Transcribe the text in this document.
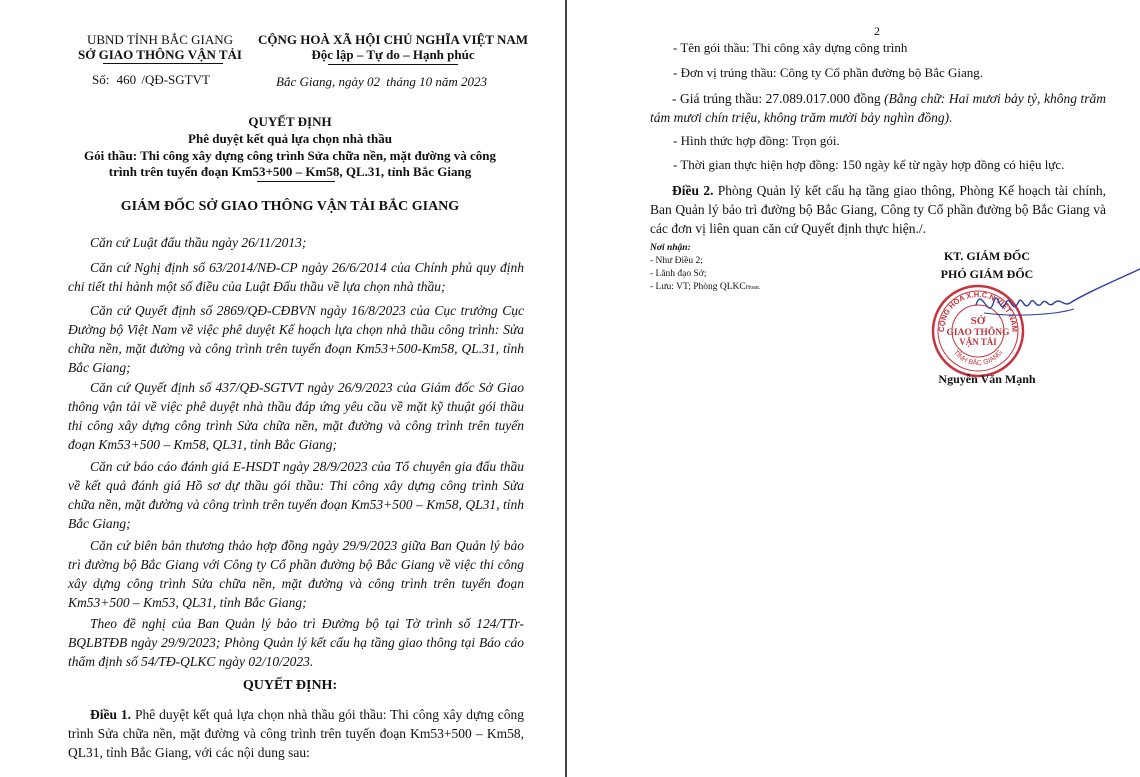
UBND TỈNH BẮC GIANG
SỞ GIAO THÔNG VẬN TẢI
Số: 460 /QĐ-SGTVT
CỘNG HOÀ XÃ HỘI CHỦ NGHĨA VIỆT NAM
Độc lập – Tự do – Hạnh phúc
Bắc Giang, ngày 02 tháng 10 năm 2023
QUYẾT ĐỊNH
Phê duyệt kết quả lựa chọn nhà thầu
Gói thầu: Thi công xây dựng công trình Sửa chữa nền, mặt đường và công
trình trên tuyến đoạn Km53+500 – Km58, QL.31, tỉnh Bắc Giang
GIÁM ĐỐC SỞ GIAO THÔNG VẬN TẢI BẮC GIANG
Căn cứ Luật đấu thầu ngày 26/11/2013;
Căn cứ Nghị định số 63/2014/NĐ-CP ngày 26/6/2014 của Chính phủ quy định chi tiết thi hành một số điều của Luật Đấu thầu về lựa chọn nhà thầu;
Căn cứ Quyết định số 2869/QĐ-CĐBVN ngày 16/8/2023 của Cục trưởng Cục Đường bộ Việt Nam về việc phê duyệt Kế hoạch lựa chọn nhà thầu công trình: Sửa chữa nền, mặt đường và công trình trên tuyến đoạn Km53+500-Km58, QL.31, tỉnh Bắc Giang;
Căn cứ Quyết định số 437/QĐ-SGTVT ngày 26/9/2023 của Giám đốc Sở Giao thông vận tải về việc phê duyệt nhà thầu đáp ứng yêu cầu về mặt kỹ thuật gói thầu thi công xây dựng công trình Sửa chữa nền, mặt đường và công trình trên tuyến đoạn Km53+500 – Km58, QL31, tỉnh Bắc Giang;
Căn cứ báo cáo đánh giá E-HSDT ngày 28/9/2023 của Tổ chuyên gia đấu thầu về kết quả đánh giá Hồ sơ dự thầu gói thầu: Thi công xây dựng công trình Sửa chữa nền, mặt đường và công trình trên tuyến đoạn Km53+500 – Km58, QL31, tỉnh Bắc Giang;
Căn cứ biên bản thương thảo hợp đồng ngày 29/9/2023 giữa Ban Quản lý bảo trì đường bộ Bắc Giang với Công ty Cổ phần đường bộ Bắc Giang về việc thi công xây dựng công trình Sửa chữa nền, mặt đường và công trình trên tuyến đoạn Km53+500 – Km53, QL31, tỉnh Bắc Giang;
Theo đề nghị của Ban Quản lý bảo trì Đường bộ tại Tờ trình số 124/TTr-BQLBTĐB ngày 29/9/2023; Phòng Quản lý kết cấu hạ tầng giao thông tại Báo cáo thẩm định số 54/TĐ-QLKC ngày 02/10/2023.
QUYẾT ĐỊNH:
Điều 1. Phê duyệt kết quả lựa chọn nhà thầu gói thầu: Thi công xây dựng công trình Sửa chữa nền, mặt đường và công trình trên tuyến đoạn Km53+500 – Km58, QL31, tỉnh Bắc Giang, với các nội dung sau:
2
- Tên gói thầu: Thi công xây dựng công trình
- Đơn vị trúng thầu: Công ty Cổ phần đường bộ Bắc Giang.
- Giá trúng thầu: 27.089.017.000 đồng (Bằng chữ: Hai mươi bảy tỷ, không trăm tám mươi chín triệu, không trăm mười bảy nghìn đồng).
- Hình thức hợp đồng: Trọn gói.
- Thời gian thực hiện hợp đồng: 150 ngày kể từ ngày hợp đồng có hiệu lực.
Điều 2. Phòng Quản lý kết cấu hạ tầng giao thông, Phòng Kế hoạch tài chính, Ban Quản lý bảo trì đường bộ Bắc Giang, Công ty Cổ phần đường bộ Bắc Giang và các đơn vị liên quan căn cứ Quyết định thực hiện./.
Nơi nhận:
- Như Điều 2;
- Lãnh đạo Sở;
- Lưu: VT; Phòng QLKCHoan.
KT. GIÁM ĐỐC
PHÓ GIÁM ĐỐC
CỘNG HÒA X.H.C.N VIỆT NAM
TỈNH BẮC GIANG
SỞ
GIAO THÔNG
VẬN TẢI
Nguyễn Văn Mạnh
